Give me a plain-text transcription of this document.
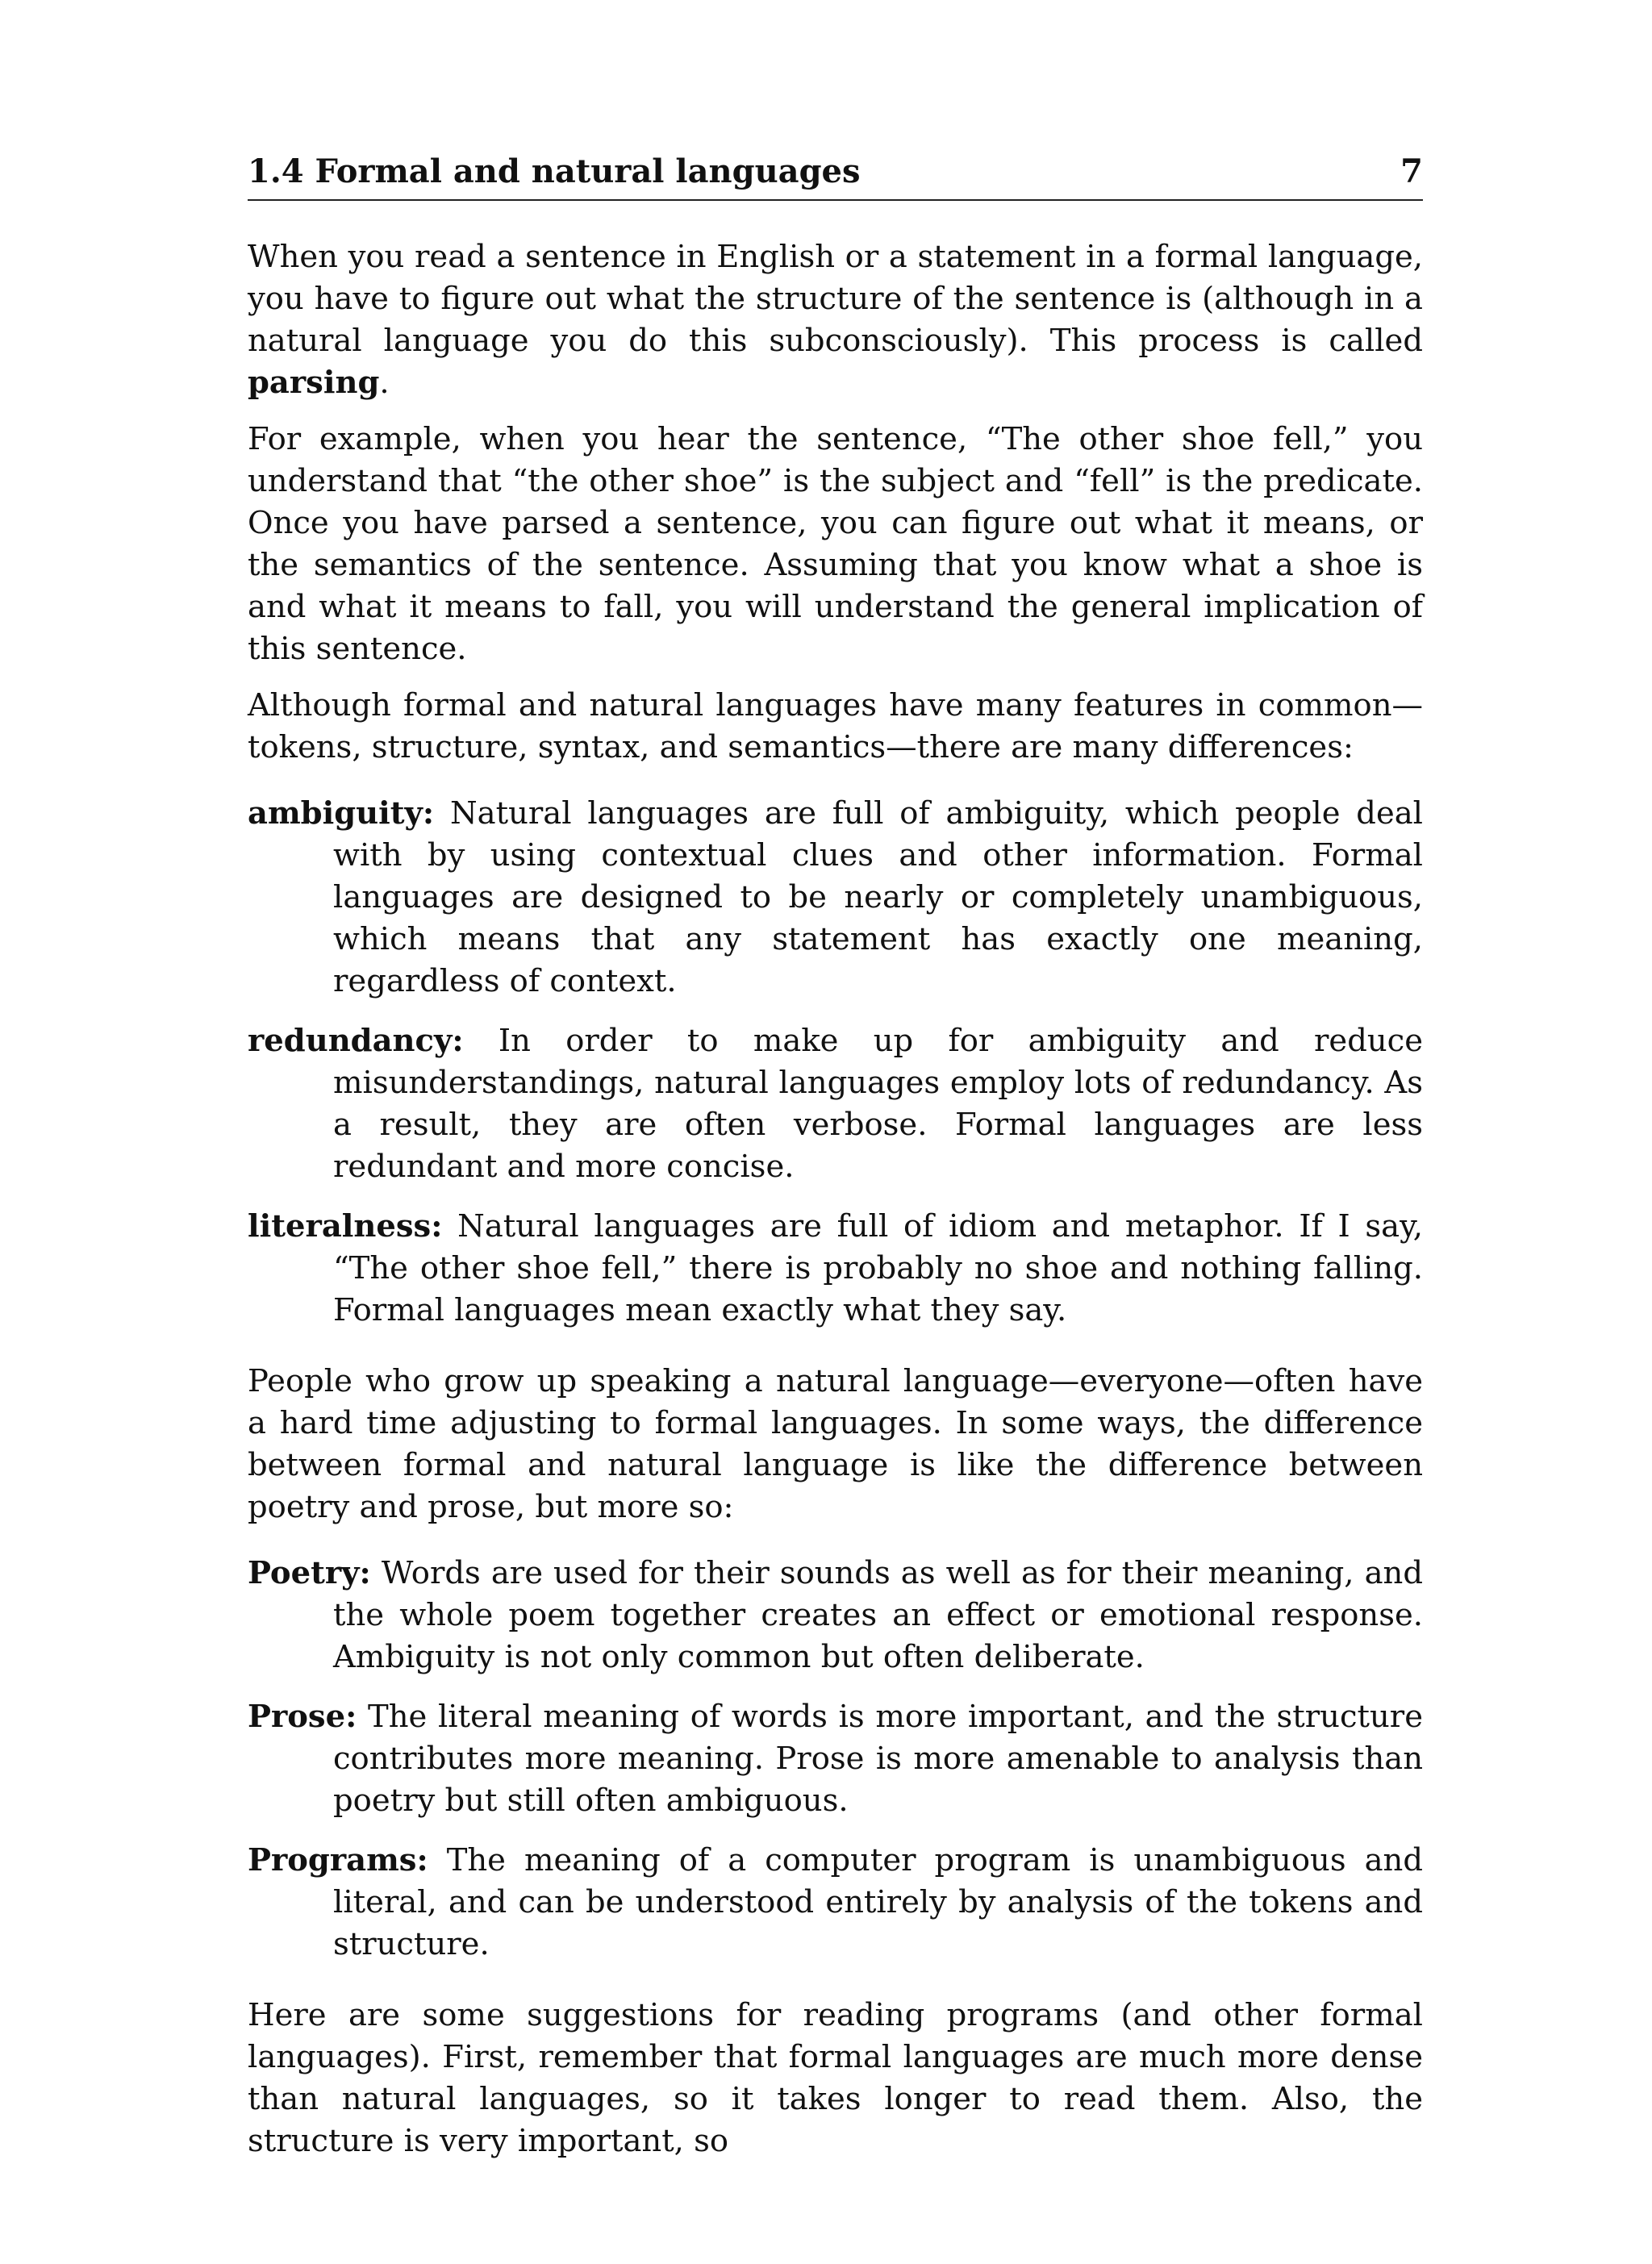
1.4 Formal and natural languages	7

When you read a sentence in English or a statement in a formal language, you have to figure out what the structure of the sentence is (although in a natural language you do this subconsciously). This process is called parsing.

For example, when you hear the sentence, “The other shoe fell,” you understand that “the other shoe” is the subject and “fell” is the predicate. Once you have parsed a sentence, you can figure out what it means, or the semantics of the sentence. Assuming that you know what a shoe is and what it means to fall, you will understand the general implication of this sentence.

Although formal and natural languages have many features in common—tokens, structure, syntax, and semantics—there are many differences:

ambiguity: Natural languages are full of ambiguity, which people deal with by using contextual clues and other information. Formal languages are designed to be nearly or completely unambiguous, which means that any statement has exactly one meaning, regardless of context.
redundancy: In order to make up for ambiguity and reduce misunderstandings, natural languages employ lots of redundancy. As a result, they are often verbose. Formal languages are less redundant and more concise.
literalness: Natural languages are full of idiom and metaphor. If I say, “The other shoe fell,” there is probably no shoe and nothing falling. Formal languages mean exactly what they say.

People who grow up speaking a natural language—everyone—often have a hard time adjusting to formal languages. In some ways, the difference between formal and natural language is like the difference between poetry and prose, but more so:

Poetry: Words are used for their sounds as well as for their meaning, and the whole poem together creates an effect or emotional response. Ambiguity is not only common but often deliberate.
Prose: The literal meaning of words is more important, and the structure contributes more meaning. Prose is more amenable to analysis than poetry but still often ambiguous.
Programs: The meaning of a computer program is unambiguous and literal, and can be understood entirely by analysis of the tokens and structure.

Here are some suggestions for reading programs (and other formal languages). First, remember that formal languages are much more dense than natural languages, so it takes longer to read them. Also, the structure is very important, so
